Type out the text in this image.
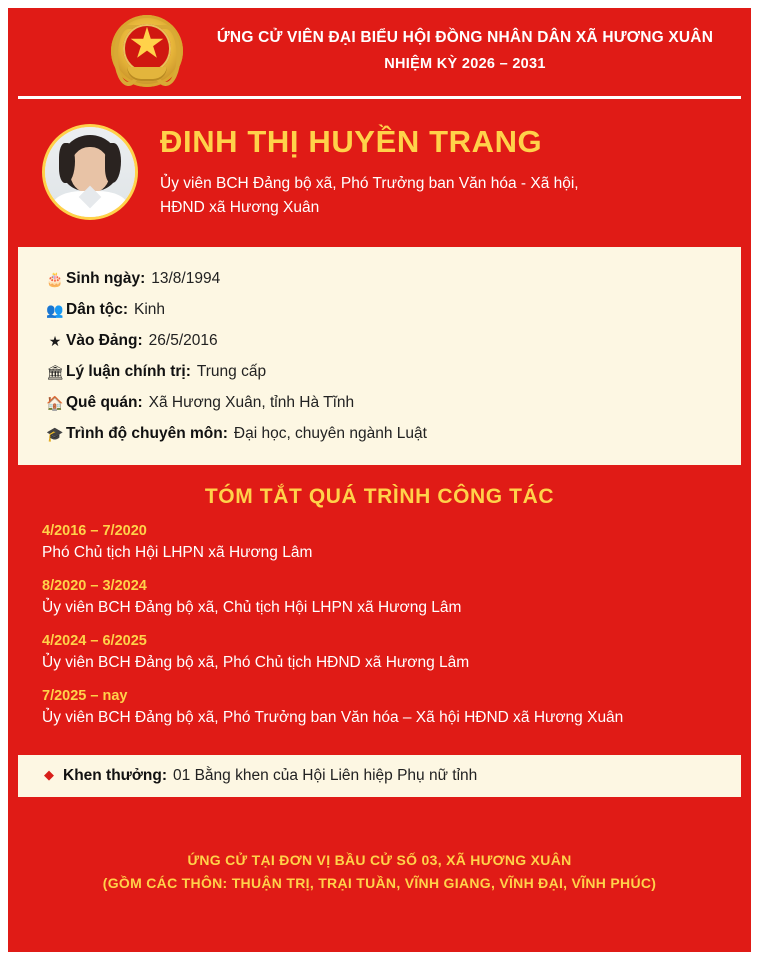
ỨNG CỬ VIÊN ĐẠI BIỂU HỘI ĐỒNG NHÂN DÂN XÃ HƯƠNG XUÂN
NHIỆM KỲ 2026 – 2031
ĐINH THỊ HUYỀN TRANG
Ủy viên BCH Đảng bộ xã, Phó Trưởng ban Văn hóa - Xã hội,
HĐND xã Hương Xuân
🎂 Sinh ngày: 13/8/1994
👥 Dân tộc: Kinh
★ Vào Đảng: 26/5/2016
🏛 Lý luận chính trị: Trung cấp
🏠 Quê quán: Xã Hương Xuân, tỉnh Hà Tĩnh
🎓 Trình độ chuyên môn: Đại học, chuyên ngành Luật
TÓM TẮT QUÁ TRÌNH CÔNG TÁC
4/2016 – 7/2020
Phó Chủ tịch Hội LHPN xã Hương Lâm
8/2020 – 3/2024
Ủy viên BCH Đảng bộ xã, Chủ tịch Hội LHPN xã Hương Lâm
4/2024 – 6/2025
Ủy viên BCH Đảng bộ xã, Phó Chủ tịch HĐND xã Hương Lâm
7/2025 – nay
Ủy viên BCH Đảng bộ xã, Phó Trưởng ban Văn hóa – Xã hội HĐND xã Hương Xuân
◆ Khen thưởng: 01 Bằng khen của Hội Liên hiệp Phụ nữ tỉnh
ỨNG CỬ TẠI ĐƠN VỊ BẦU CỬ SỐ 03, XÃ HƯƠNG XUÂN
(GỒM CÁC THÔN: THUẬN TRỊ, TRẠI TUẦN, VĨNH GIANG, VĨNH ĐẠI, VĨNH PHÚC)
